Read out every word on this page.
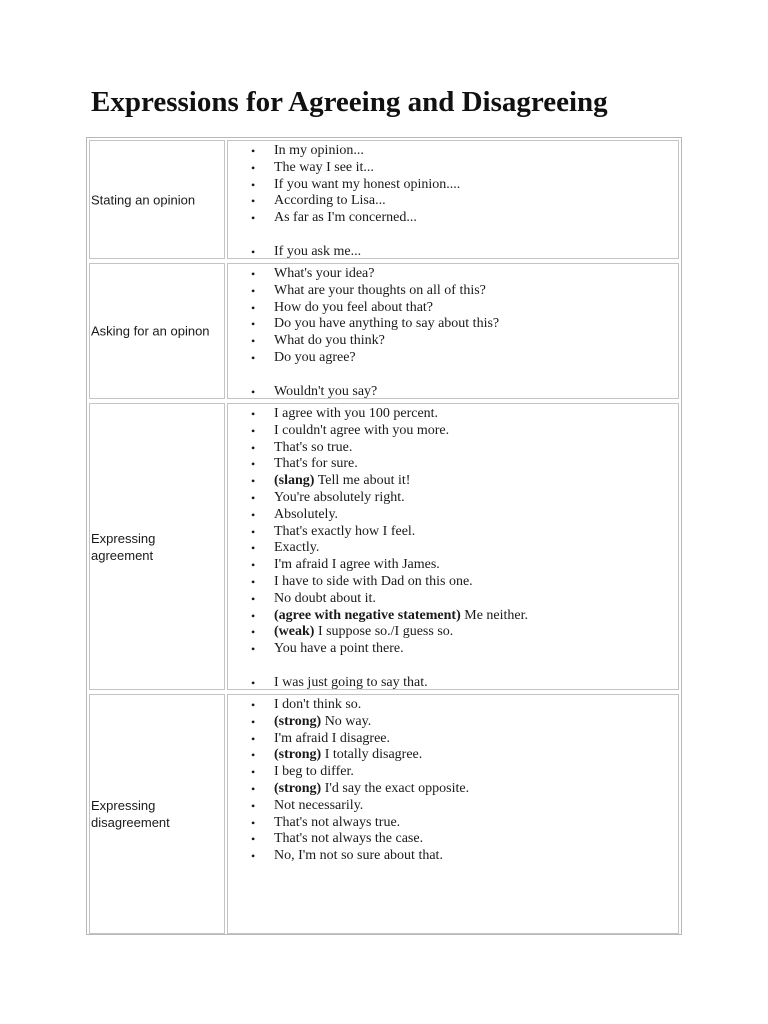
Expressions for Agreeing and Disagreeing
Stating an opinion
• In my opinion...
• The way I see it...
• If you want my honest opinion....
• According to Lisa...
• As far as I'm concerned...
• If you ask me...
Asking for an opinon
• What's your idea?
• What are your thoughts on all of this?
• How do you feel about that?
• Do you have anything to say about this?
• What do you think?
• Do you agree?
• Wouldn't you say?
Expressing agreement
• I agree with you 100 percent.
• I couldn't agree with you more.
• That's so true.
• That's for sure.
• (slang) Tell me about it!
• You're absolutely right.
• Absolutely.
• That's exactly how I feel.
• Exactly.
• I'm afraid I agree with James.
• I have to side with Dad on this one.
• No doubt about it.
• (agree with negative statement) Me neither.
• (weak) I suppose so./I guess so.
• You have a point there.
• I was just going to say that.
Expressing disagreement
• I don't think so.
• (strong) No way.
• I'm afraid I disagree.
• (strong) I totally disagree.
• I beg to differ.
• (strong) I'd say the exact opposite.
• Not necessarily.
• That's not always true.
• That's not always the case.
• No, I'm not so sure about that.
